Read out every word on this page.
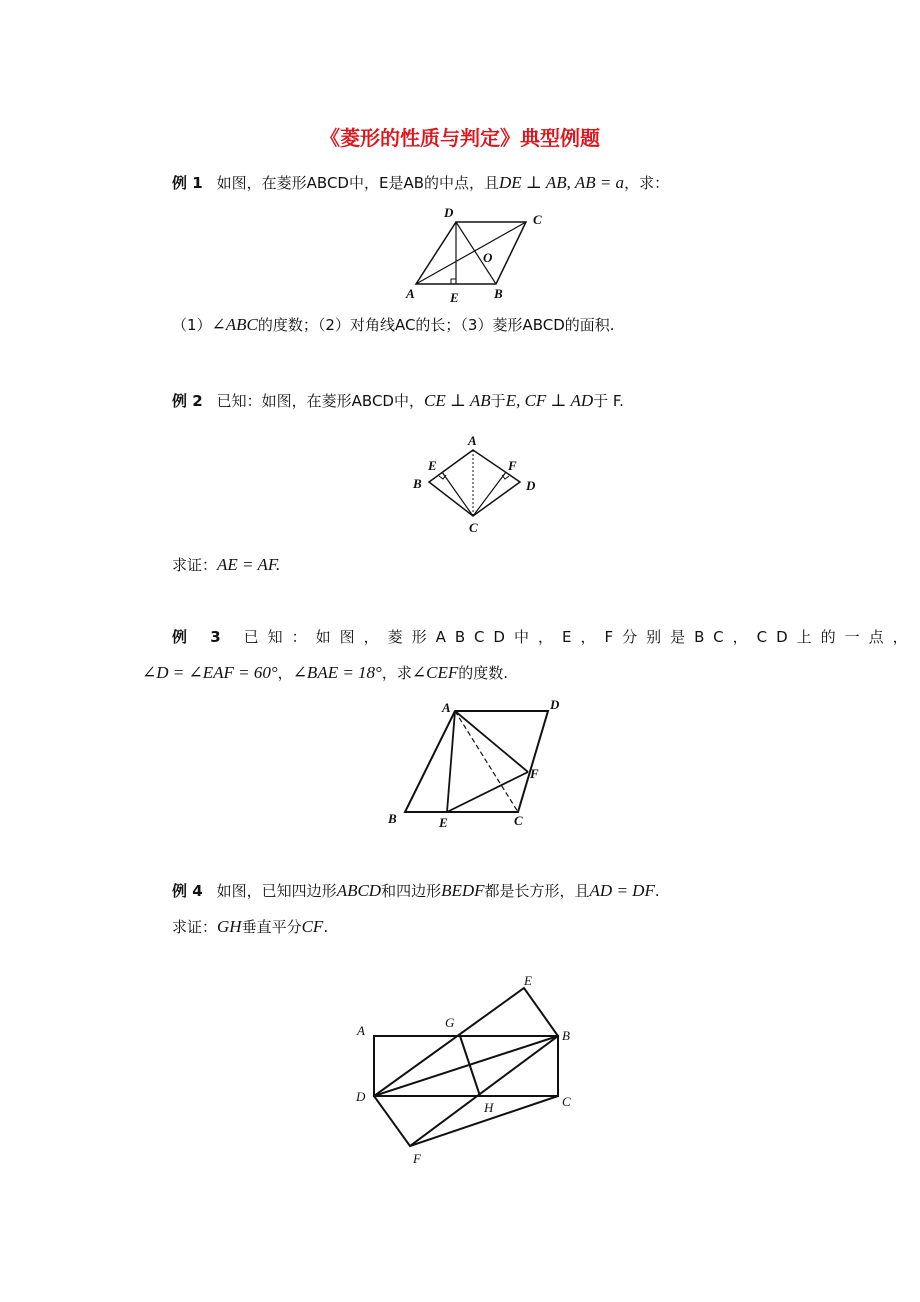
《菱形的性质与判定》典型例题
例 1 如图，在菱形ABCD中，E是AB的中点，且DE ⊥ AB, AB = a，求：
D	C
O
A	E	B
（1）∠ABC的度数；（2）对角线AC的长；（3）菱形ABCD的面积.
例 2 已知：如图，在菱形ABCD中，CE ⊥ AB于E, CF ⊥ AD于 F.
A
E	F
B	D
C
求证：AE = AF.
例 3 已知：如图，菱形ABCD中，E，F分别是BC，CD上的一点，
∠D = ∠EAF = 60°，∠BAE = 18°，求∠CEF的度数.
A	D
F
B	E	C
例 4 如图，已知四边形ABCD和四边形BEDF都是长方形，且AD = DF.
求证：GH垂直平分CF.
E
A
G
B
D
H	C
F
